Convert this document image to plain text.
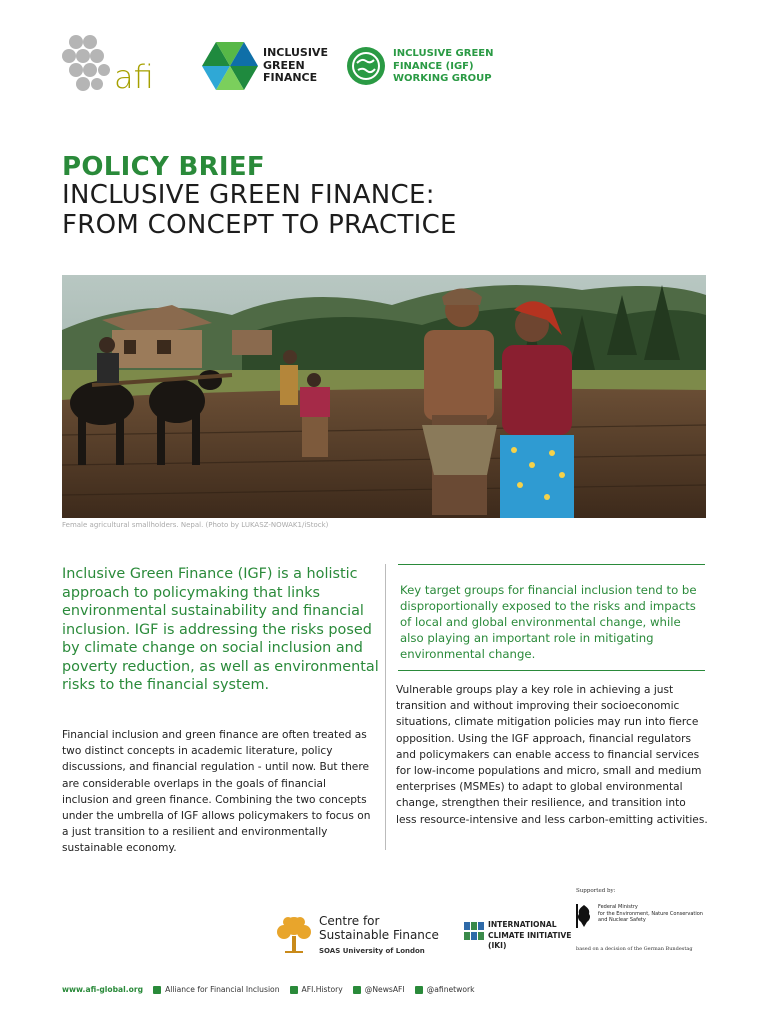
afi
INCLUSIVE
GREEN
FINANCE
INCLUSIVE GREEN
FINANCE (IGF)
WORKING GROUP
POLICY BRIEF
INCLUSIVE GREEN FINANCE:
FROM CONCEPT TO PRACTICE
Female agricultural smallholders. Nepal. (Photo by LUKASZ-NOWAK1/iStock)
Inclusive Green Finance (IGF) is a holistic approach to policymaking that links environmental sustainability and financial inclusion. IGF is addressing the risks posed by climate change on social inclusion and poverty reduction, as well as environmental risks to the financial system.
Financial inclusion and green finance are often treated as two distinct concepts in academic literature, policy discussions, and financial regulation - until now. But there are considerable overlaps in the goals of financial inclusion and green finance. Combining the two concepts under the umbrella of IGF allows policymakers to focus on a just transition to a resilient and environmentally sustainable economy.
Key target groups for financial inclusion tend to be disproportionally exposed to the risks and impacts of local and global environmental change, while also playing an important role in mitigating environmental change.
Vulnerable groups play a key role in achieving a just transition and without improving their socioeconomic situations, climate mitigation policies may run into fierce opposition. Using the IGF approach, financial regulators and policymakers can enable access to financial services for low-income populations and micro, small and medium enterprises (MSMEs) to adapt to global environmental change, strengthen their resilience, and transition into less resource-intensive and less carbon-emitting activities.
Centre for
Sustainable Finance
SOAS University of London
INTERNATIONAL
CLIMATE INITIATIVE (IKI)
Supported by:
Federal Ministry
for the Environment, Nature Conservation
and Nuclear Safety
based on a decision of the German Bundestag
www.afi-global.org	Alliance for Financial Inclusion	AFI.History	@NewsAFI	@afinetwork
